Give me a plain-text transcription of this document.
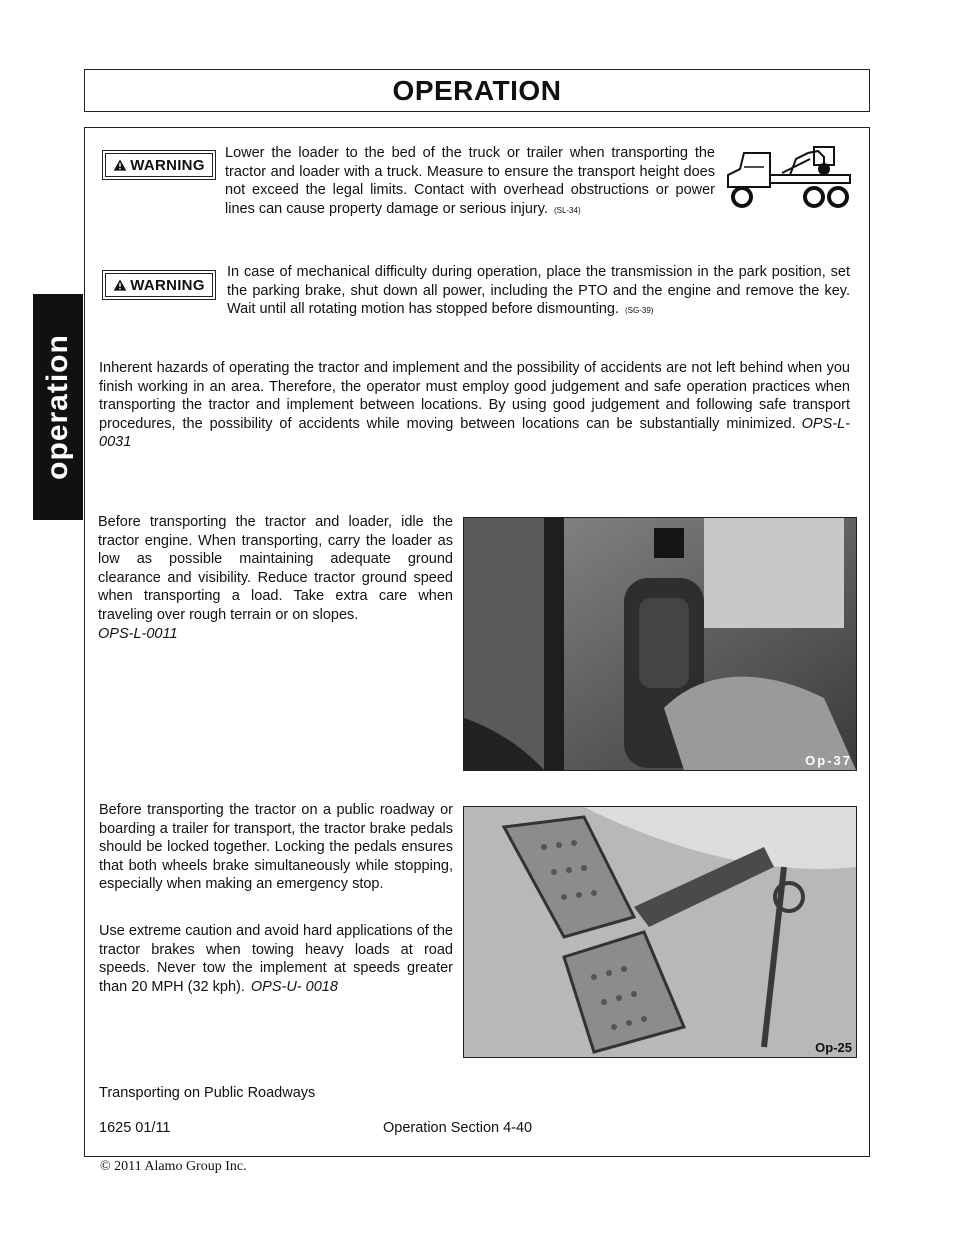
OPERATION
operation
WARNING
Lower the loader to the bed of the truck or trailer when transporting the tractor and loader with a truck. Measure to ensure the transport height does not exceed the legal limits. Contact with overhead obstructions or power lines can cause property damage or serious injury. (SL-34)
WARNING
In case of mechanical difficulty during operation, place the transmission in the park position, set the parking brake, shut down all power, including the PTO and the engine and remove the key. Wait until all rotating motion has stopped before dismounting. (SG-39)
Inherent hazards of operating the tractor and implement and the possibility of accidents are not left behind when you finish working in an area. Therefore, the operator must employ good judgement and safe operation practices when transporting the tractor and implement between locations. By using good judgement and following safe transport procedures, the possibility of accidents while moving between locations can be substantially minimized. OPS-L- 0031
Before transporting the tractor and loader, idle the tractor engine. When transporting, carry the loader as low as possible maintaining adequate ground clearance and visibility. Reduce tractor ground speed when transporting a load. Take extra care when traveling over rough terrain or on slopes.
OPS-L-0011
Op-37
Before transporting the tractor on a public roadway or boarding a trailer for transport, the tractor brake pedals should be locked together. Locking the pedals ensures that both wheels brake simultaneously while stopping, especially when making an emergency stop.
Use extreme caution and avoid hard applications of the tractor brakes when towing heavy loads at road speeds. Never tow the implement at speeds greater than 20 MPH (32 kph). OPS-U- 0018
Op-25
Transporting on Public Roadways
1625 01/11	Operation Section 4-40
© 2011 Alamo Group Inc.
